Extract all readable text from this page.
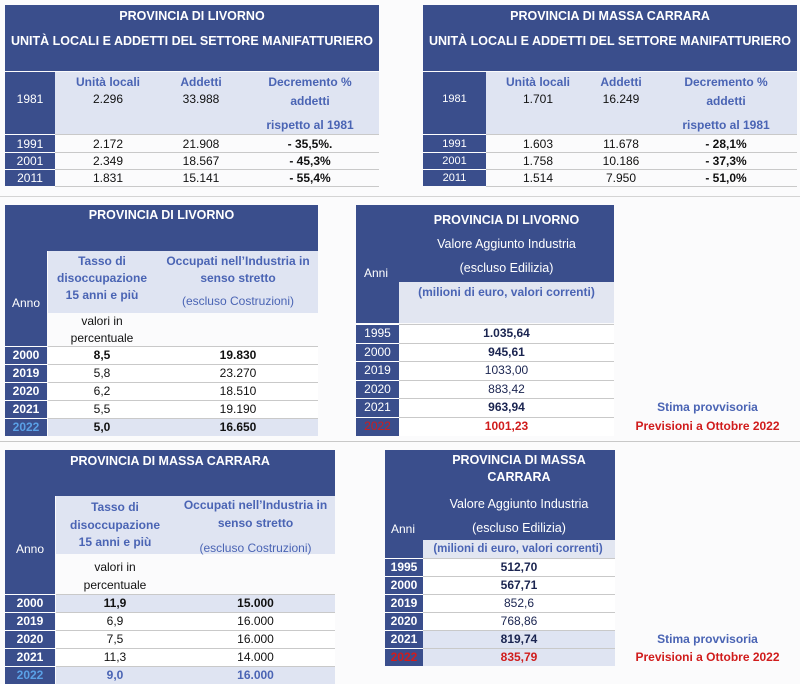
PROVINCIA DI LIVORNO
UNITÀ LOCALI E ADDETTI DEL SETTORE MANIFATTURIERO
Unità locali	Addetti	Decremento %
addetti
rispetto al 1981
1981	2.296	33.988
1991	2.172	21.908	- 35,5%.
2001	2.349	18.567	- 45,3%
2011	1.831	15.141	- 55,4%
PROVINCIA DI MASSA CARRARA
UNITÀ LOCALI E ADDETTI DEL SETTORE MANIFATTURIERO
Unità locali	Addetti	Decremento %
addetti
rispetto al 1981
1981	1.701	16.249
1991	1.603	11.678	- 28,1%
2001	1.758	10.186	- 37,3%
2011	1.514	7.950	- 51,0%
PROVINCIA DI LIVORNO
Anno
Tasso di
disoccupazione
15 anni e più
Occupati nell’Industria in
senso stretto
(escluso Costruzioni)
valori in
percentuale
PROVINCIA DI LIVORNO
Valore Aggiunto Industria
(escluso Edilizia)
(milioni di euro, valori correnti)
Anni
PROVINCIA DI MASSA CARRARA
Anno
Tasso di
disoccupazione
15 anni e più
Occupati nell’Industria in
senso stretto
(escluso Costruzioni)
valori in
percentuale
PROVINCIA DI MASSA
CARRARA
Valore Aggiunto Industria
(escluso Edilizia)
(milioni di euro, valori correnti)
Anni
2000	8,5	19.830
2019	5,8	23.270
2020	6,2	18.510
2021	5,5	19.190
2022	5,0	16.650
1995	1.035,64
2000	945,61
2019	1033,00
2020	883,42
2021	963,94	Stima provvisoria
2022	1001,23	Previsioni a Ottobre 2022
2000	11,9	15.000
2019	6,9	16.000
2020	7,5	16.000
2021	11,3	14.000
2022	9,0	16.000
1995	512,70
2000	567,71
2019	852,6
2020	768,86
2021	819,74	Stima provvisoria
2022	835,79	Previsioni a Ottobre 2022
